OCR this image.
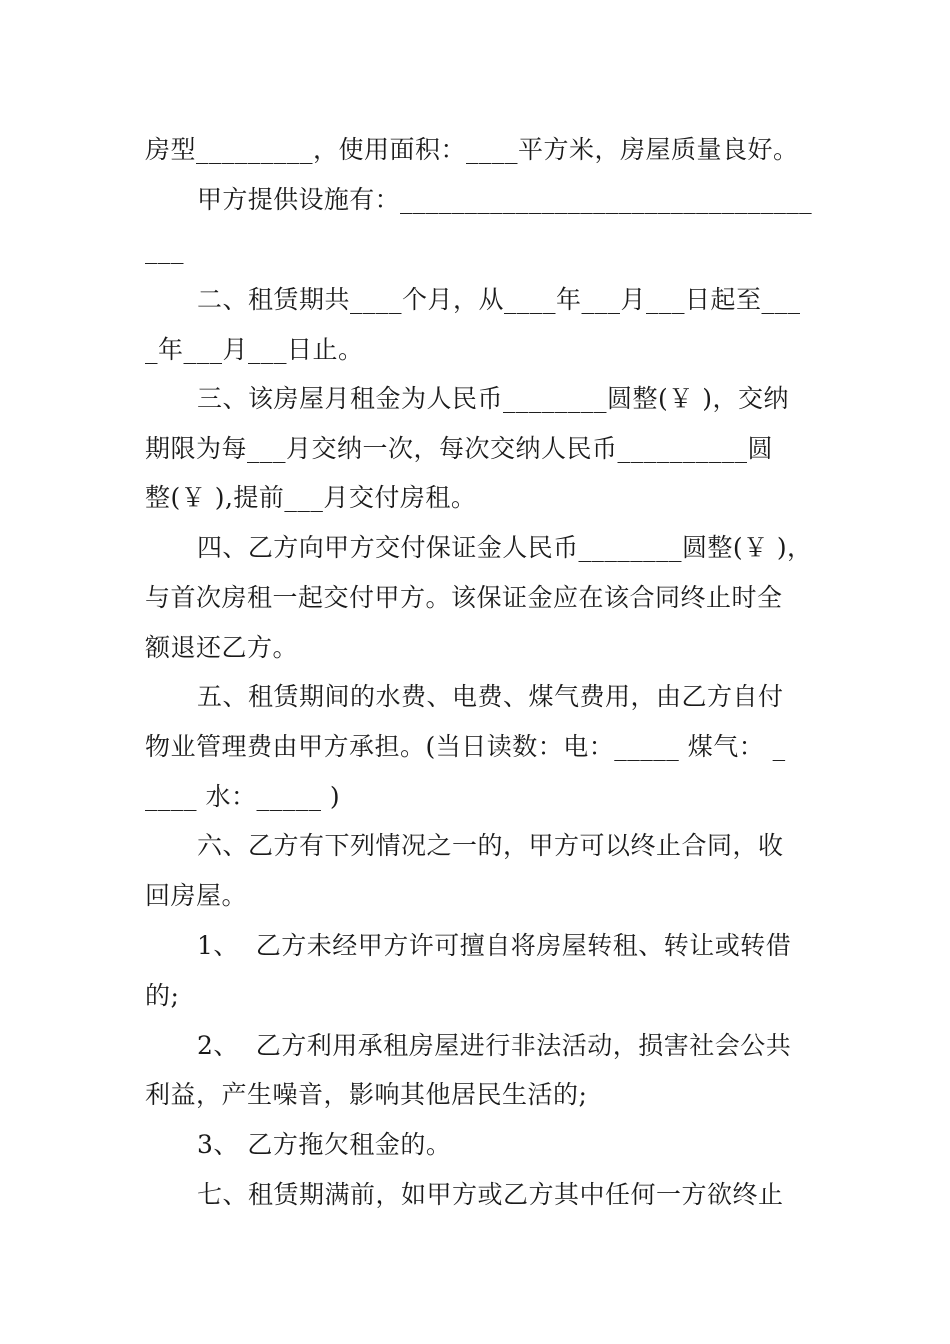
房型_________，使用面积：____平方米，房屋质量良好。
甲方提供设施有：________________________________
___
二、租赁期共____个月，从____年___月___日起至___
_年___月___日止。
三、该房屋月租金为人民币________圆整(￥ )，交纳
期限为每___月交纳一次，每次交纳人民币__________圆
整(￥ ),提前___月交付房租。
四、乙方向甲方交付保证金人民币________圆整(￥ )，
与首次房租一起交付甲方。该保证金应在该合同终止时全
额退还乙方。
五、租赁期间的水费、电费、煤气费用，由乙方自付
物业管理费由甲方承担。(当日读数：电：_____ 煤气： _
____ 水：_____ )
六、乙方有下列情况之一的，甲方可以终止合同，收
回房屋。
1、  乙方未经甲方许可擅自将房屋转租、转让或转借
的;
2、  乙方利用承租房屋进行非法活动，损害社会公共
利益，产生噪音，影响其他居民生活的;
3、 乙方拖欠租金的。
七、租赁期满前，如甲方或乙方其中任何一方欲终止
